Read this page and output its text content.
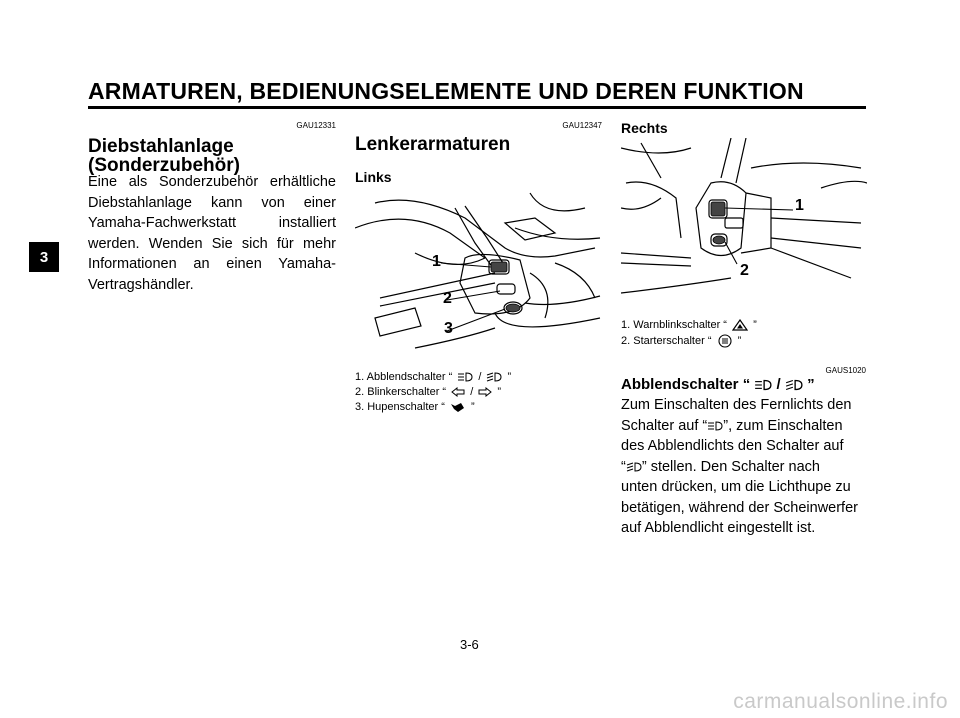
ARMATUREN, BEDIENUNGSELEMENTE UND DEREN FUNKTION
3
GAU12331
Diebstahlanlage
(Sonderzubehör)
Eine als Sonderzubehör erhältliche Diebstahlanlage kann von einer Yamaha-Fachwerkstatt installiert werden. Wenden Sie sich für mehr Informationen an einen Yamaha-Vertragshändler.
GAU12347
Lenkerarmaturen
Links
1
2
3
1. Abblendschalter “ / ”
2. Blinkerschalter “ / ”
3. Hupenschalter “ ”
Rechts
1
2
1. Warnblinkschalter “ ”
2. Starterschalter “ ”
GAUS1020
Abblendschalter “ / ”
Zum Einschalten des Fernlichts den
Schalter auf “ ”, zum Einschalten
des Abblendlichts den Schalter auf
“ ” stellen. Den Schalter nach
unten drücken, um die Lichthupe zu
betätigen, während der Scheinwerfer
auf Abblendlicht eingestellt ist.
3-6
carmanualsonline.info
